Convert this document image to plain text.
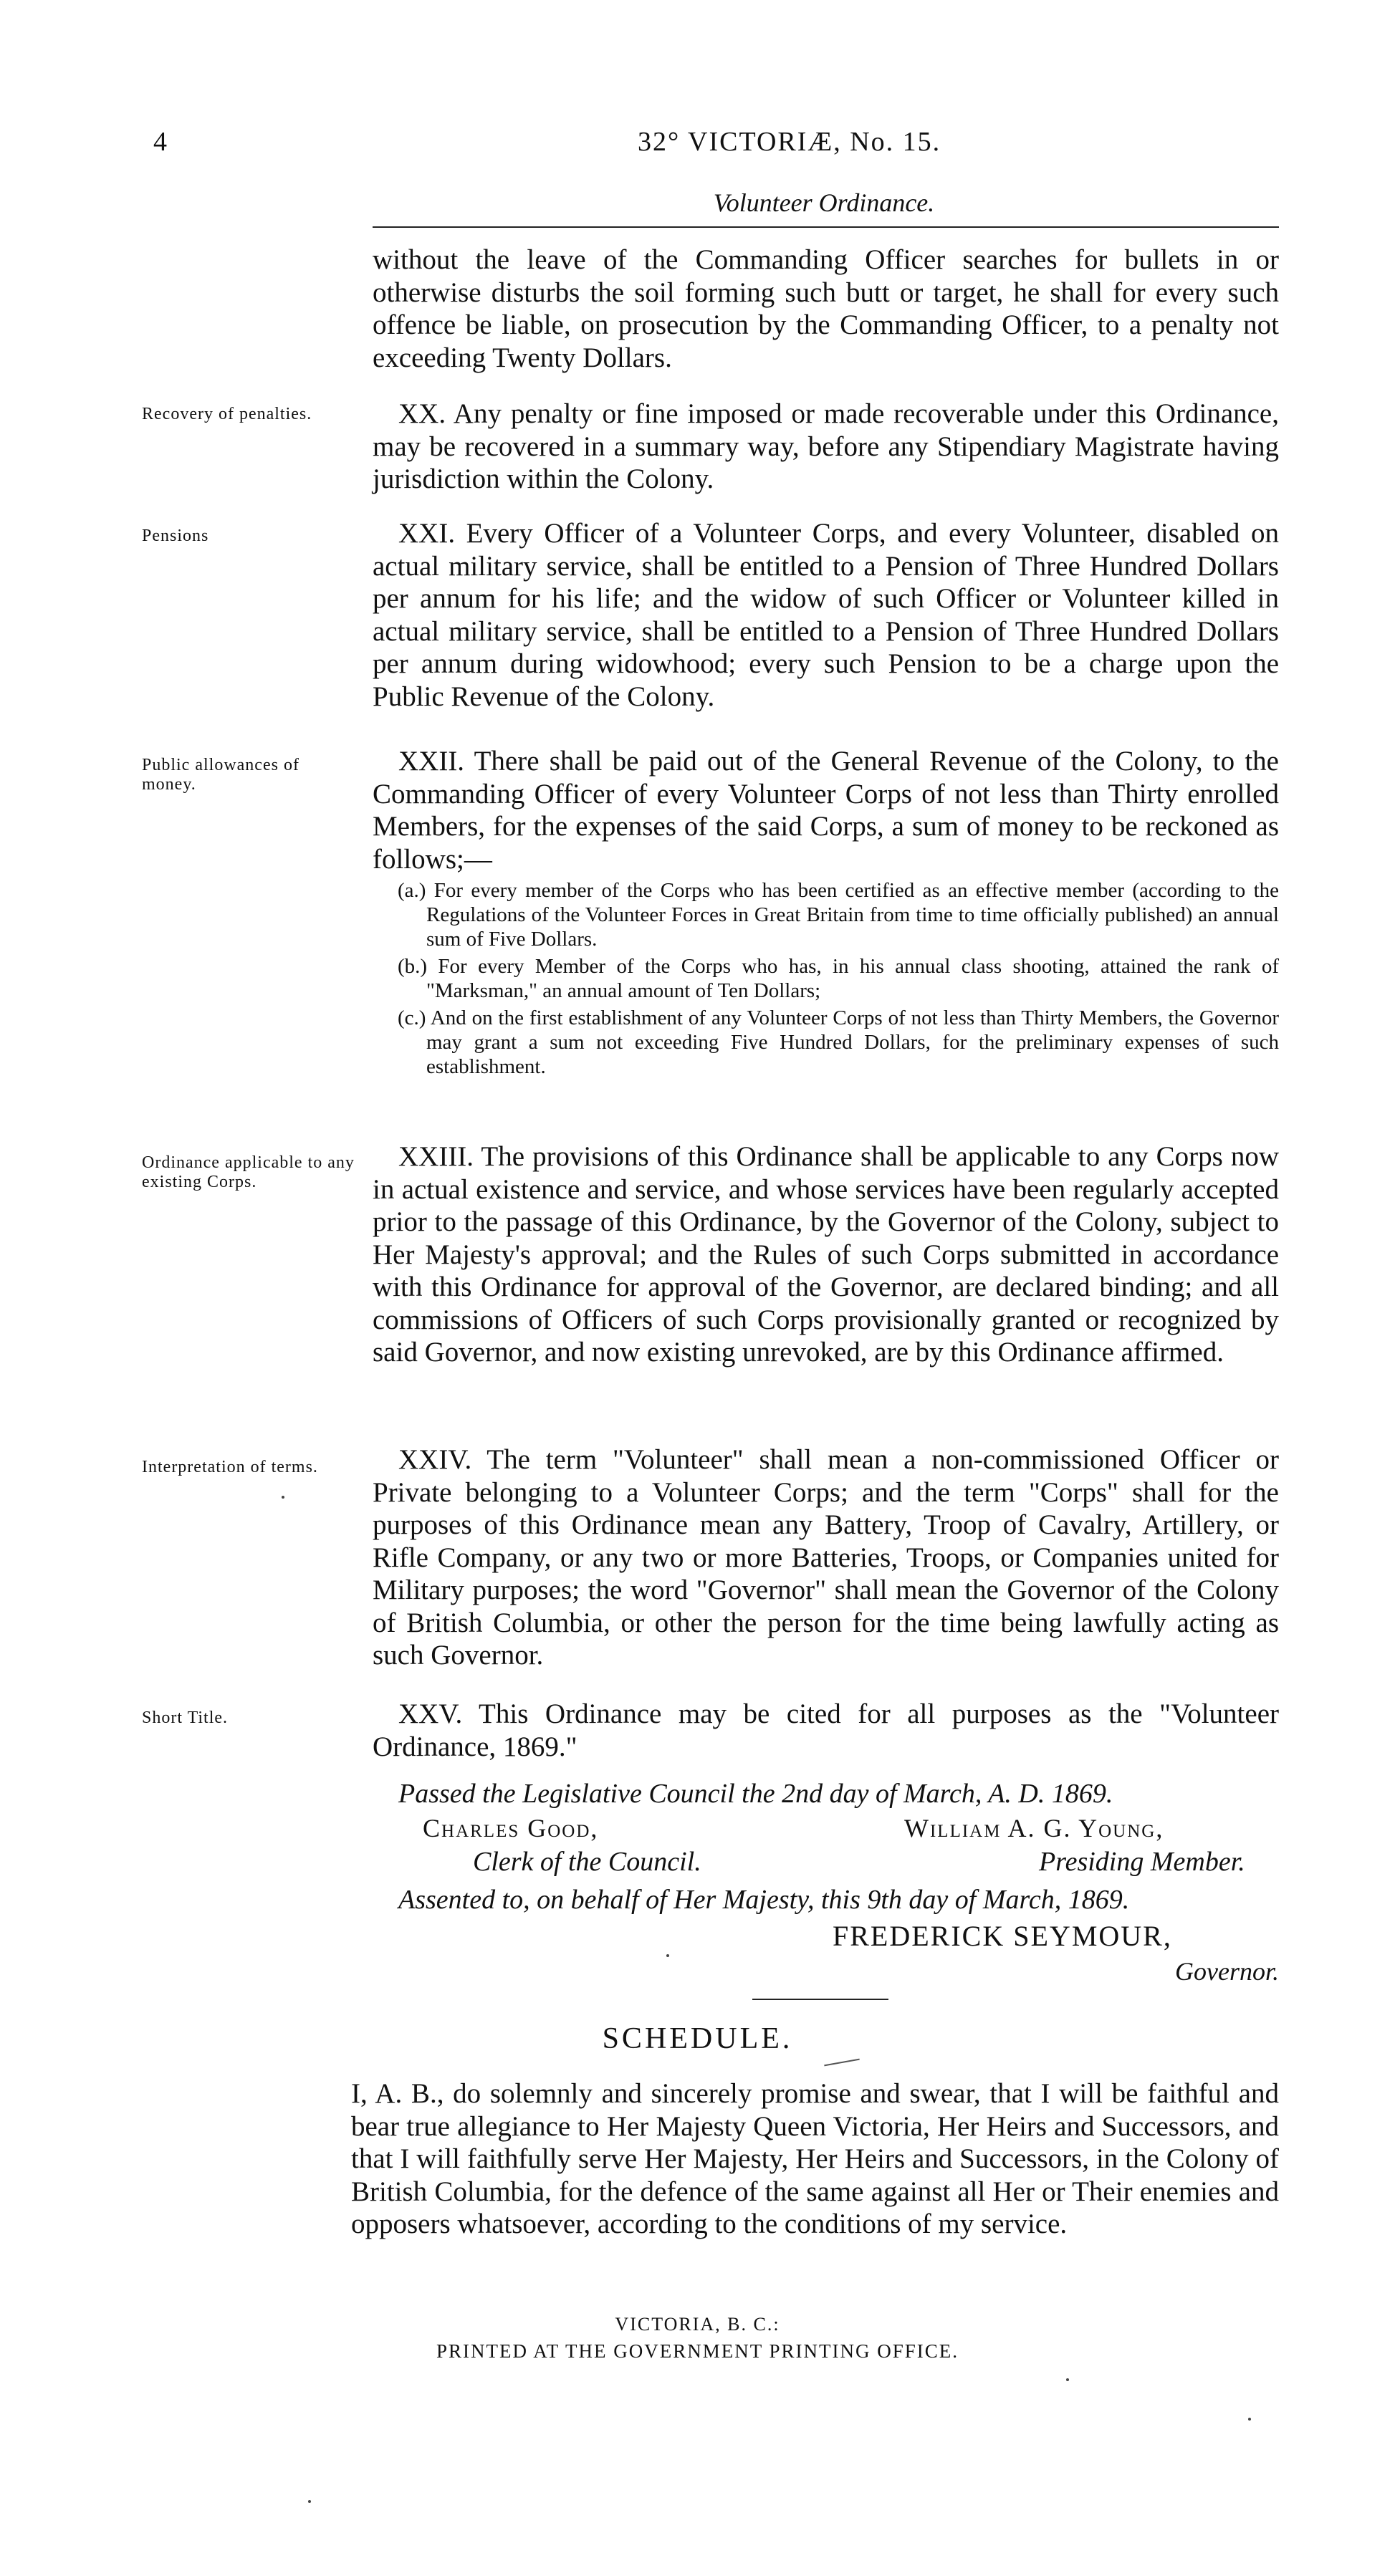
4	32° VICTORIÆ, No. 15.
Volunteer Ordinance.

without the leave of the Commanding Officer searches for bullets in or otherwise disturbs the soil forming such butt or target, he shall for every such offence be liable, on prosecution by the Commanding Officer, to a penalty not exceeding Twenty Dollars.

Recovery of penalties.	XX. Any penalty or fine imposed or made recoverable under this Ordinance, may be recovered in a summary way, before any Stipendiary Magistrate having jurisdiction within the Colony.

Pensions	XXI. Every Officer of a Volunteer Corps, and every Volunteer, disabled on actual military service, shall be entitled to a Pension of Three Hundred Dollars per annum for his life; and the widow of such Officer or Volunteer killed in actual military service, shall be entitled to a Pension of Three Hundred Dollars per annum during widowhood; every such Pension to be a charge upon the Public Revenue of the Colony.

Public allowances of money.

XXII. There shall be paid out of the General Revenue of the Colony, to the Commanding Officer of every Volunteer Corps of not less than Thirty enrolled Members, for the expenses of the said Corps, a sum of money to be reckoned as follows;—

(a.) For every member of the Corps who has been certified as an effective member (according to the Regulations of the Volunteer Forces in Great Britain from time to time officially published) an annual sum of Five Dollars.

(b.) For every Member of the Corps who has, in his annual class shooting, attained the rank of "Marksman," an annual amount of Ten Dollars;

(c.) And on the first establishment of any Volunteer Corps of not less than Thirty Members, the Governor may grant a sum not exceeding Five Hundred Dollars, for the preliminary expenses of such establishment.

Ordinance applicable to any existing Corps.

XXIII. The provisions of this Ordinance shall be applicable to any Corps now in actual existence and service, and whose services have been regularly accepted prior to the passage of this Ordinance, by the Governor of the Colony, subject to Her Majesty's approval; and the Rules of such Corps submitted in accordance with this Ordinance for approval of the Governor, are declared binding; and all commissions of Officers of such Corps provisionally granted or recognized by said Governor, and now existing unrevoked, are by this Ordinance affirmed.

Interpretation of terms.	XXIV. The term "Volunteer" shall mean a non-commissioned Officer or Private belonging to a Volunteer Corps; and the term "Corps" shall for the purposes of this Ordinance mean any Battery, Troop of Cavalry, Artillery, or Rifle Company, or any two or more Batteries, Troops, or Companies united for Military purposes; the word "Governor" shall mean the Governor of the Colony of British Columbia, or other the person for the time being lawfully acting as such Governor.

Short Title.	XXV. This Ordinance may be cited for all purposes as the "Volunteer Ordinance, 1869."

Passed the Legislative Council the 2nd day of March, A. D. 1869.
Charles Good,	William A. G. Young,
Clerk of the Council.	Presiding Member.
Assented to, on behalf of Her Majesty, this 9th day of March, 1869.
FREDERICK SEYMOUR,
Governor.
SCHEDULE.

I, A. B., do solemnly and sincerely promise and swear, that I will be faithful and bear true allegiance to Her Majesty Queen Victoria, Her Heirs and Successors, and that I will faithfully serve Her Majesty, Her Heirs and Successors, in the Colony of British Columbia, for the defence of the same against all Her or Their enemies and opposers whatsoever, according to the conditions of my service.

VICTORIA, B. C.:
PRINTED AT THE GOVERNMENT PRINTING OFFICE.
